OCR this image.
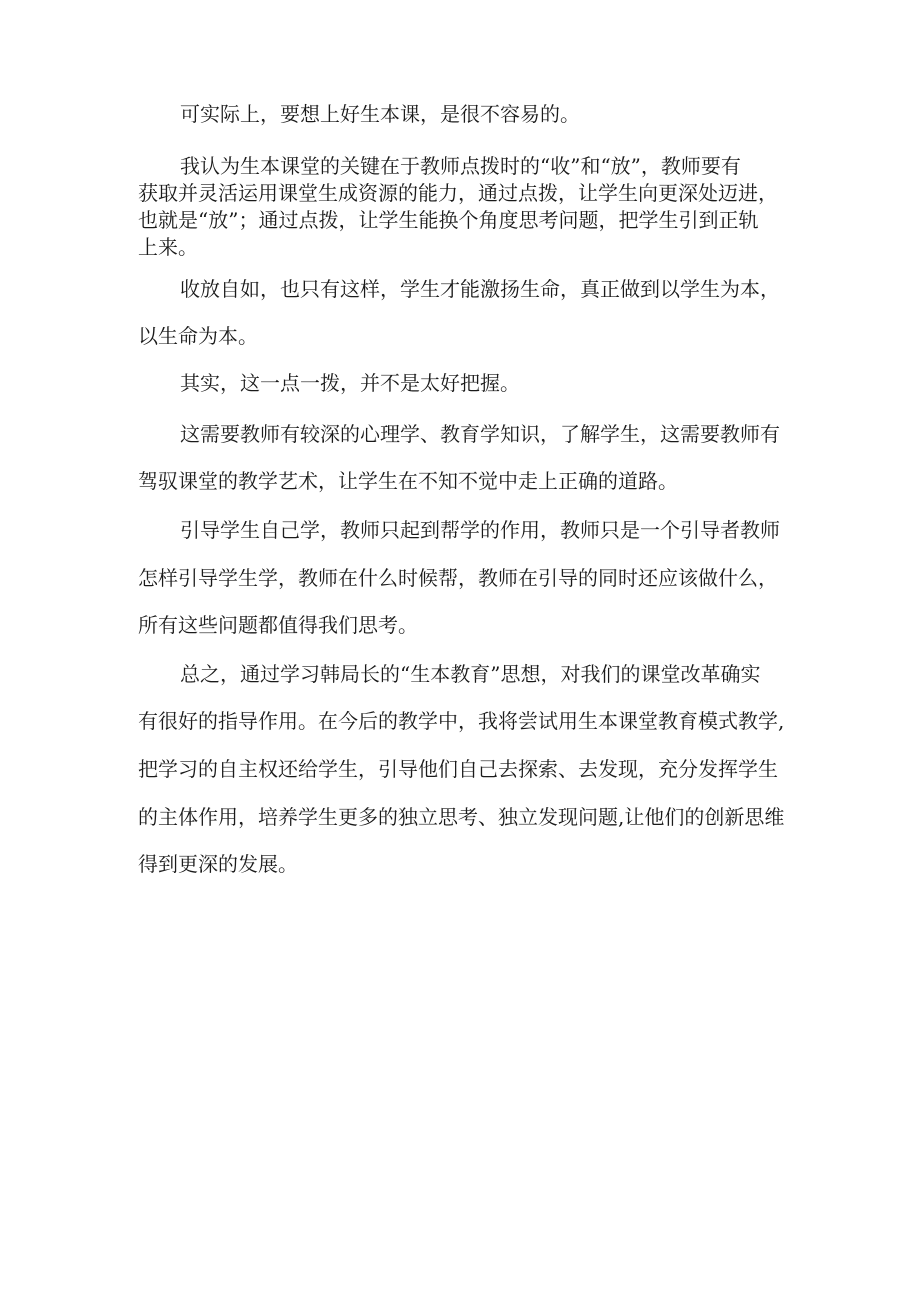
可实际上，要想上好生本课，是很不容易的。

我认为生本课堂的关键在于教师点拨时的“收”和“放”，教师要有

获取并灵活运用课堂生成资源的能力，通过点拨，让学生向更深处迈进，

也就是“放”；通过点拨，让学生能换个角度思考问题，把学生引到正轨

上来。

收放自如，也只有这样，学生才能激扬生命，真正做到以学生为本，

以生命为本。

其实，这一点一拨，并不是太好把握。

这需要教师有较深的心理学、教育学知识，了解学生，这需要教师有

驾驭课堂的教学艺术，让学生在不知不觉中走上正确的道路。

引导学生自己学，教师只起到帮学的作用，教师只是一个引导者教师

怎样引导学生学，教师在什么时候帮，教师在引导的同时还应该做什么，

所有这些问题都值得我们思考。

总之，通过学习韩局长的“生本教育”思想，对我们的课堂改革确实

有很好的指导作用。在今后的教学中，我将尝试用生本课堂教育模式教学,

把学习的自主权还给学生，引导他们自己去探索、去发现，充分发挥学生

的主体作用，培养学生更多的独立思考、独立发现问题,让他们的创新思维

得到更深的发展。
